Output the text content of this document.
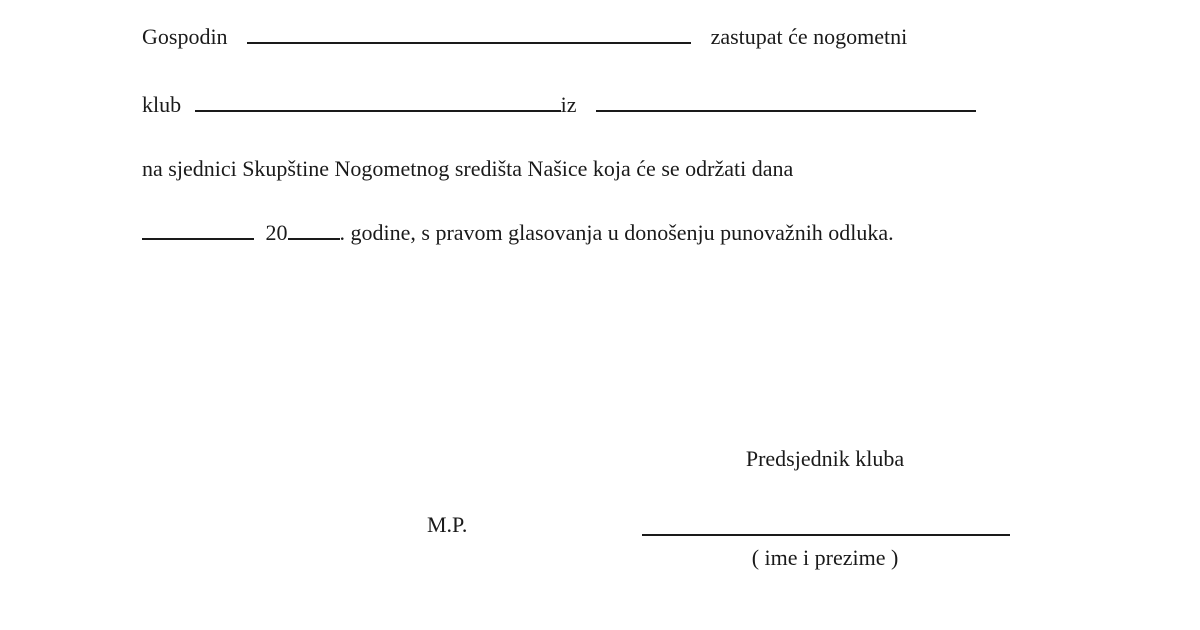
Gospodin	zastupat će nogometni
klub	iz
na sjednici Skupštine Nogometnog središta Našice koja će se održati dana
20 . godine, s pravom glasovanja u donošenju punovažnih odluka.
Predsjednik kluba
M.P.
( ime i prezime )
